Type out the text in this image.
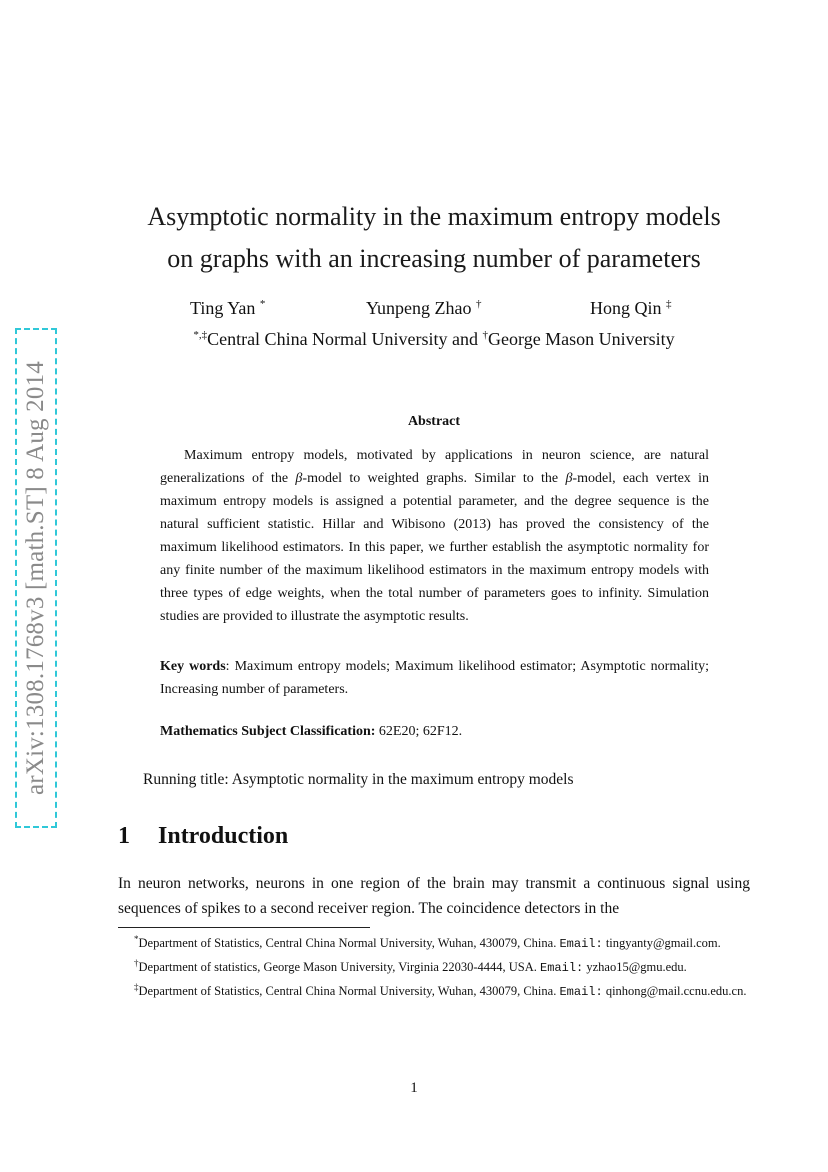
arXiv:1308.1768v3 [math.ST] 8 Aug 2014
Asymptotic normality in the maximum entropy models
on graphs with an increasing number of parameters
Ting Yan *	Yunpeng Zhao †	Hong Qin ‡
*,‡Central China Normal University and †George Mason University
Abstract
Maximum entropy models, motivated by applications in neuron science, are natural generalizations of the β-model to weighted graphs. Similar to the β-model, each vertex in maximum entropy models is assigned a potential parameter, and the degree sequence is the natural sufficient statistic. Hillar and Wibisono (2013) has proved the consistency of the maximum likelihood estimators. In this paper, we further establish the asymptotic normality for any finite number of the maximum likelihood estimators in the maximum entropy models with three types of edge weights, when the total number of parameters goes to infinity. Simulation studies are provided to illustrate the asymptotic results.
Key words: Maximum entropy models; Maximum likelihood estimator; Asymptotic normality; Increasing number of parameters.
Mathematics Subject Classification: 62E20; 62F12.
Running title: Asymptotic normality in the maximum entropy models
1 Introduction
In neuron networks, neurons in one region of the brain may transmit a continuous signal using sequences of spikes to a second receiver region. The coincidence detectors in the
*Department of Statistics, Central China Normal University, Wuhan, 430079, China. Email: tingyanty@gmail.com.
†Department of statistics, George Mason University, Virginia 22030-4444, USA. Email: yzhao15@gmu.edu.
‡Department of Statistics, Central China Normal University, Wuhan, 430079, China. Email: qinhong@mail.ccnu.edu.cn.
1
